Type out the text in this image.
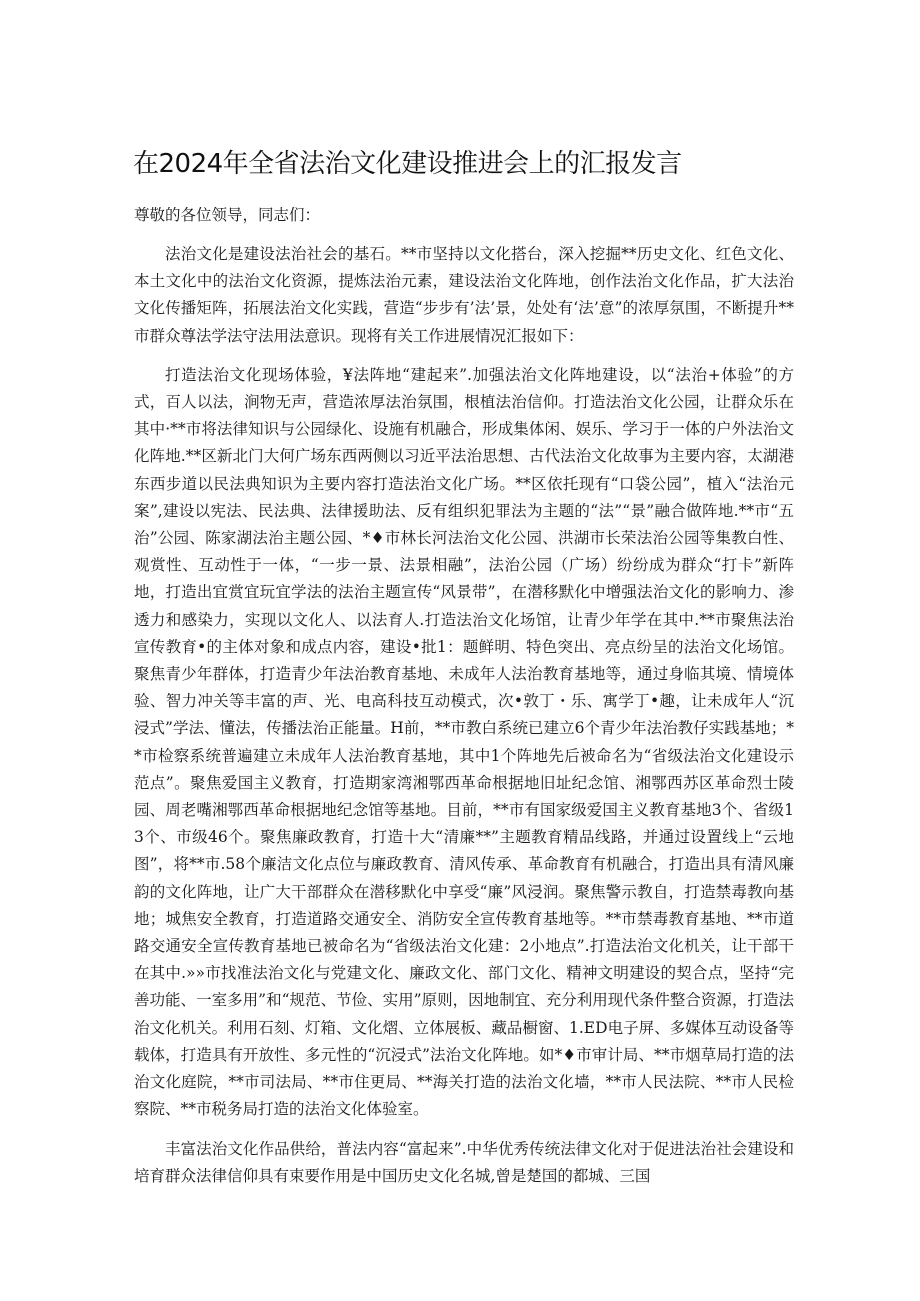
在2024年全省法治文化建设推进会上的汇报发言

尊敬的各位领导，同志们：

法治文化是建设法治社会的基石。**市坚持以文化搭台，深入挖掘**历史文化、红色文化、本土文化中的法治文化资源，提炼法治元素，建设法治文化阵地，创作法治文化作品，扩大法治文化传播矩阵，拓展法治文化实践，营造“步步有’法’景，处处有‘法’意”的浓厚氛围，不断提升**市群众尊法学法守法用法意识。现将有关工作进展情况汇报如下：

打造法治文化现场体验，¥法阵地“建起来”.加强法治文化阵地建设，以“法治+体验”的方式，百人以法，涧物无声，营造浓厚法治氛围，根植法治信仰。打造法治文化公园，让群众乐在其中·**市将法律知识与公园绿化、设施有机融合，形成集体闲、娱乐、学习于一体的户外法治文化阵地.**区新北门大何广场东西两侧以习近平法治思想、古代法治文化故事为主要内容，太湖港东西步道以民法典知识为主要内容打造法治文化广场。**区依托现有“口袋公园”，植入“法治元案”,建设以宪法、民法典、法律援助法、反有组织犯罪法为主题的“法”“景”融合做阵地.**市“五治”公园、陈家湖法治主题公园、*♦市林长河法治文化公园、洪湖市长荣法治公园等集教白性、观赏性、互动性于一体，“一步一景、法景相融”，法治公园（广场）纷纷成为群众“打卡”新阵地，打造出宜赏宜玩宜学法的法治主题宣传“风景带”，在潜移默化中增强法治文化的影响力、渗透力和感染力，实现以文化人、以法育人.打造法治文化场馆，让青少年学在其中.**市聚焦法治宣传教育•的主体对象和成点内容，建设•批1：题鲜明、特色突出、亮点纷呈的法治文化场馆。聚焦青少年群体，打造青少年法治教育基地、未成年人法治教育基地等，通过身临其境、情境体验、智力冲关等丰富的声、光、电高科技互动模式，次•敦丁・乐、寓学丁•趣，让未成年人“沉浸式”学法、懂法，传播法治正能量。H前，**市教白系统已建立6个青少年法治教仔实践基地；**市检察系统普遍建立未成年人法治教育基地，其中1个阵地先后被命名为“省级法治文化建设示范点”。聚焦爱国主义教育，打造期家湾湘鄂西革命根据地旧址纪念馆、湘鄂西苏区革命烈士陵园、周老嘴湘鄂西革命根据地纪念馆等基地。目前，**市有国家级爱国主义教育基地3个、省级13个、市级46个。聚焦廉政教育，打造十大“清廉**”主题教育精品线路，并通过设置线上“云地图”，将**市.58个廉洁文化点位与廉政教育、清风传承、革命教育有机融合，打造出具有清风廉韵的文化阵地，让广大干部群众在潜移默化中享受“廉”风浸润。聚焦警示教自，打造禁毒教向基地；城焦安全教育，打造道路交通安全、消防安全宣传教育基地等。**市禁毒教育基地、**市道路交通安全宣传教育基地已被命名为“省级法治文化建：2小地点”.打造法治文化机关，让干部干在其中.»»市找准法治文化与党建文化、廉政文化、部门文化、精神文明建设的契合点，坚持“完善功能、一室多用”和“规范、节俭、实用”原则，因地制宜、充分利用现代条件整合资源，打造法治文化机关。利用石刻、灯箱、文化熠、立体展板、藏品橱窗、1.ED电子屏、多媒体互动设备等载体，打造具有开放性、多元性的“沉浸式”法治文化阵地。如*♦市审计局、**市烟草局打造的法治文化庭院，**市司法局、**市住更局、**海关打造的法治文化墙，**市人民法院、**市人民检察院、**市税务局打造的法治文化体验室。

丰富法治文化作品供给，普法内容“富起来”.中华优秀传统法律文化对于促进法治社会建设和培育群众法律信仰具有束要作用是中国历史文化名城,曾是楚国的都城、三国
